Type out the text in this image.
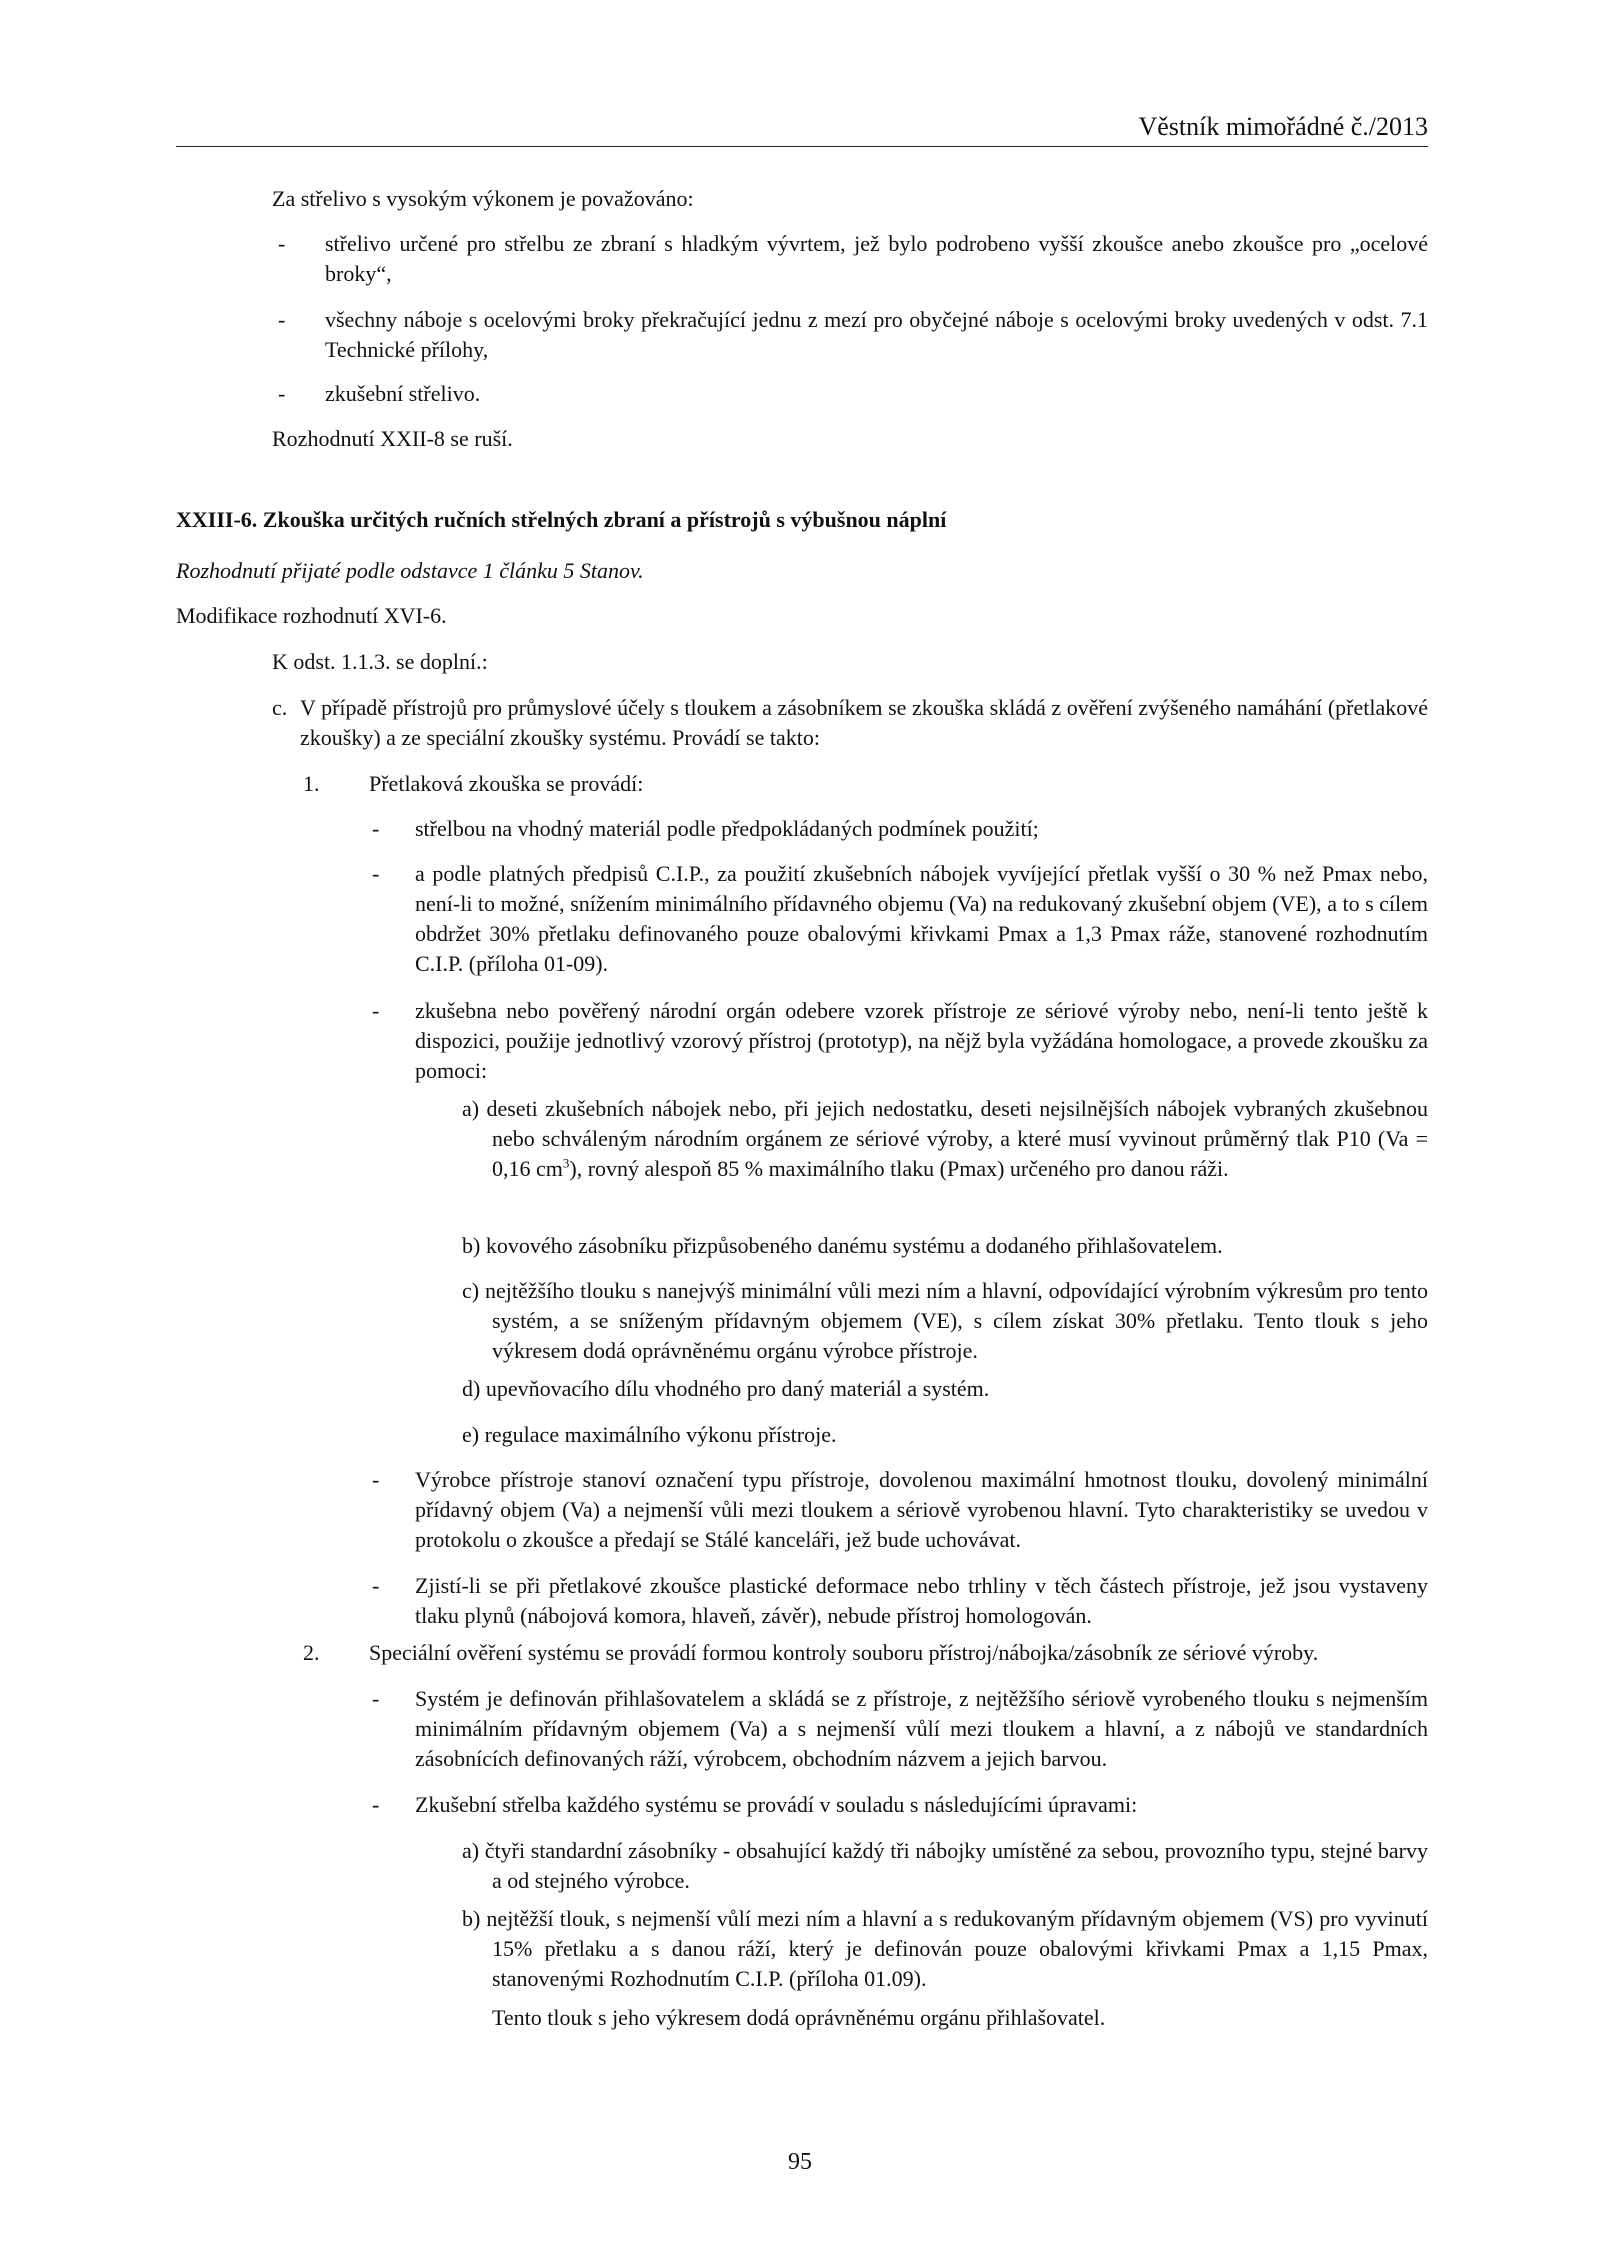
Věstník mimořádné č./2013
Za střelivo s vysokým výkonem je považováno:
- střelivo určené pro střelbu ze zbraní s hladkým vývrtem, jež bylo podrobeno vyšší zkoušce anebo zkoušce pro „ocelové broky“,
- všechny náboje s ocelovými broky překračující jednu z mezí pro obyčejné náboje s ocelovými broky uvedených v odst. 7.1 Technické přílohy,
- zkušební střelivo.
Rozhodnutí XXII-8 se ruší.
XXIII-6. Zkouška určitých ručních střelných zbraní a přístrojů s výbušnou náplní
Rozhodnutí přijaté podle odstavce 1 článku 5 Stanov.
Modifikace rozhodnutí XVI-6.
K odst. 1.1.3. se doplní.:
c. V případě přístrojů pro průmyslové účely s tloukem a zásobníkem se zkouška skládá z ověření zvýšeného namáhání (přetlakové zkoušky) a ze speciální zkoušky systému. Provádí se takto:
1. Přetlaková zkouška se provádí:
- střelbou na vhodný materiál podle předpokládaných podmínek použití;
- a podle platných předpisů C.I.P., za použití zkušebních nábojek vyvíjející přetlak vyšší o 30 % než Pmax nebo, není-li to možné, snížením minimálního přídavného objemu (Va) na redukovaný zkušební objem (VE), a to s cílem obdržet 30% přetlaku definovaného pouze obalovými křivkami Pmax a 1,3 Pmax ráže, stanovené rozhodnutím C.I.P. (příloha 01-09).
- zkušebna nebo pověřený národní orgán odebere vzorek přístroje ze sériové výroby nebo, není-li tento ještě k dispozici, použije jednotlivý vzorový přístroj (prototyp), na nějž byla vyžádána homologace, a provede zkoušku za pomoci:
a) deseti zkušebních nábojek nebo, při jejich nedostatku, deseti nejsilnějších nábojek vybraných zkušebnou nebo schváleným národním orgánem ze sériové výroby, a které musí vyvinout průměrný tlak P10 (Va = 0,16 $cm^3$), rovný alespoň 85 % maximálního tlaku (Pmax) určeného pro danou ráži.
b) kovového zásobníku přizpůsobeného danému systému a dodaného přihlašovatelem.
c) nejtěžšího tlouku s nanejvýš minimální vůli mezi ním a hlavní, odpovídající výrobním výkresům pro tento systém, a se sníženým přídavným objemem (VE), s cílem získat 30% přetlaku. Tento tlouk s jeho výkresem dodá oprávněnému orgánu výrobce přístroje.
d) upevňovacího dílu vhodného pro daný materiál a systém.
e) regulace maximálního výkonu přístroje.
- Výrobce přístroje stanoví označení typu přístroje, dovolenou maximální hmotnost tlouku, dovolený minimální přídavný objem (Va) a nejmenší vůli mezi tloukem a sériově vyrobenou hlavní. Tyto charakteristiky se uvedou v protokolu o zkoušce a předají se Stálé kanceláři, jež bude uchovávat.
- Zjistí-li se při přetlakové zkoušce plastické deformace nebo trhliny v těch částech přístroje, jež jsou vystaveny tlaku plynů (nábojová komora, hlaveň, závěr), nebude přístroj homologován.
2. Speciální ověření systému se provádí formou kontroly souboru přístroj/nábojka/zásobník ze sériové výroby.
- Systém je definován přihlašovatelem a skládá se z přístroje, z nejtěžšího sériově vyrobeného tlouku s nejmenším minimálním přídavným objemem (Va) a s nejmenší vůlí mezi tloukem a hlavní, a z nábojů ve standardních zásobnících definovaných ráží, výrobcem, obchodním názvem a jejich barvou.
- Zkušební střelba každého systému se provádí v souladu s následujícími úpravami:
a) čtyři standardní zásobníky - obsahující každý tři nábojky umístěné za sebou, provozního typu, stejné barvy a od stejného výrobce.
b) nejtěžší tlouk, s nejmenší vůlí mezi ním a hlavní a s redukovaným přídavným objemem (VS) pro vyvinutí 15% přetlaku a s danou ráží, který je definován pouze obalovými křivkami Pmax a 1,15 Pmax, stanovenými Rozhodnutím C.I.P. (příloha 01.09).
Tento tlouk s jeho výkresem dodá oprávněnému orgánu přihlašovatel.
95
